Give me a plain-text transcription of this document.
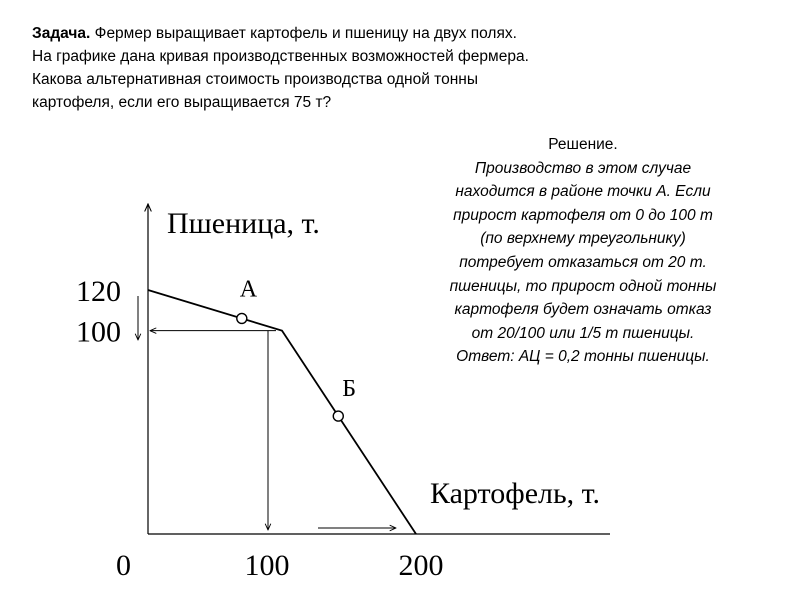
Задача. Фермер выращивает картофель и пшеницу на двух полях.
На графике дана кривая производственных возможностей фермера.
Какова альтернативная стоимость производства одной тонны
картофеля, если его выращивается 75 т?
Решение.
Производство в этом случае
находится в районе точки А. Если
прирост картофеля от 0 до 100 т
(по верхнему треугольнику)
потребует отказаться от 20 т.
пшеницы, то прирост одной тонны
картофеля будет означать отказ
от 20/100 или 1/5 т пшеницы.
Ответ: АЦ = 0,2 тонны пшеницы.
А
Б
Пшеница, т.
Картофель, т.
0
120
100
100	200
